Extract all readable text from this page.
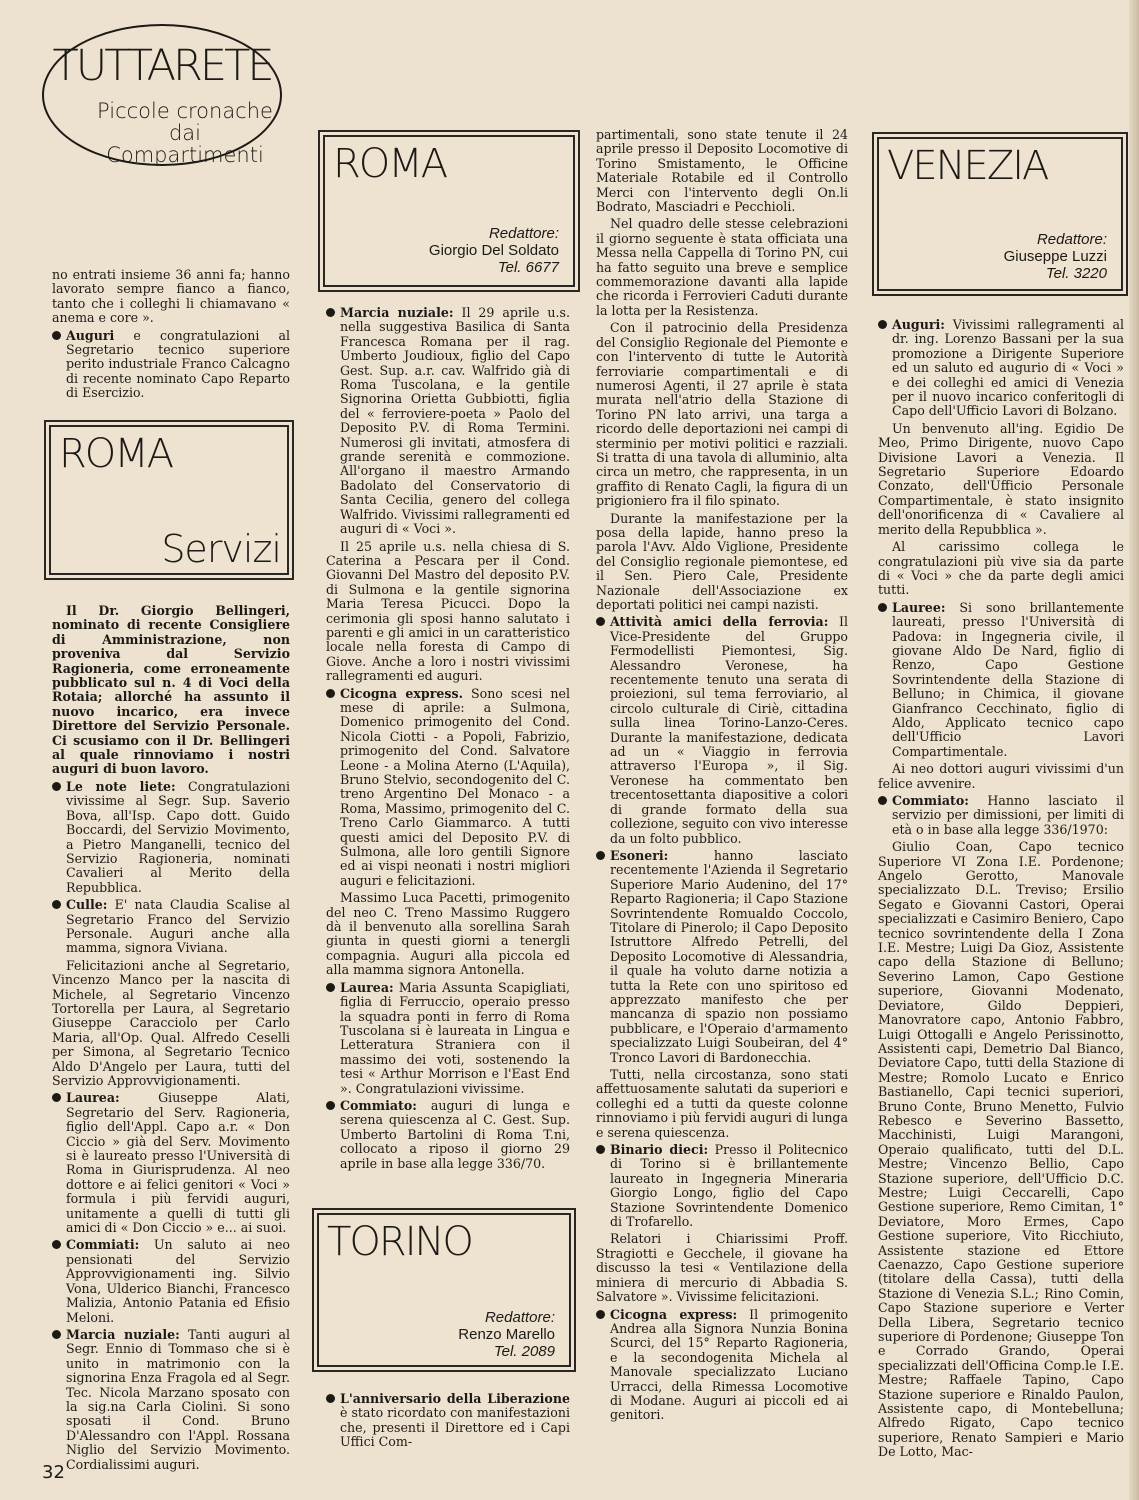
TUTTARETE
Piccole cronache
dai Compartimenti

no entrati insieme 36 anni fa; hanno lavorato sempre fianco a fianco, tanto che i colleghi li chiamavano « anema e core ».

Auguri e congratulazioni al Segretario tecnico superiore perito industriale Franco Calcagno di recente nominato Capo Reparto di Esercizio.

ROMA
Servizi

Il Dr. Giorgio Bellingeri, nominato di recente Consigliere di Amministrazione, non proveniva dal Servizio Ragioneria, come erroneamente pubblicato sul n. 4 di Voci della Rotaia; allorché ha assunto il nuovo incarico, era invece Direttore del Servizio Personale. Ci scusiamo con il Dr. Bellingeri al quale rinnoviamo i nostri auguri di buon lavoro.

Le note liete: Congratulazioni vivissime al Segr. Sup. Saverio Bova, all'Isp. Capo dott. Guido Boccardi, del Servizio Movimento, a Pietro Manganelli, tecnico del Servizio Ragioneria, nominati Cavalieri al Merito della Repubblica.

Culle: E' nata Claudia Scalise al Segretario Franco del Servizio Personale. Auguri anche alla mamma, signora Viviana.

Felicitazioni anche al Segretario, Vincenzo Manco per la nascita di Michele, al Segretario Vincenzo Tortorella per Laura, al Segretario Giuseppe Caracciolo per Carlo Maria, all'Op. Qual. Alfredo Ceselli per Simona, al Segretario Tecnico Aldo D'Angelo per Laura, tutti del Servizio Approvvigionamenti.

Laurea: Giuseppe Alati, Segretario del Serv. Ragioneria, figlio dell'Appl. Capo a.r. « Don Ciccio » già del Serv. Movimento si è laureato presso l'Università di Roma in Giurisprudenza. Al neo dottore e ai felici genitori « Voci » formula i più fervidi auguri, unitamente a quelli di tutti gli amici di « Don Ciccio » e... ai suoi.

Commiati: Un saluto ai neo pensionati del Servizio Approvvigionamenti ing. Silvio Vona, Ulderico Bianchi, Francesco Malizia, Antonio Patania ed Efisio Meloni.

Marcia nuziale: Tanti auguri al Segr. Ennio di Tommaso che si è unito in matrimonio con la signorina Enza Fragola ed al Segr. Tec. Nicola Marzano sposato con la sig.na Carla Ciolini. Si sono sposati il Cond. Bruno D'Alessandro con l'Appl. Rossana Niglio del Servizio Movimento. Cordialissimi auguri.

ROMA
Redattore:
Giorgio Del Soldato
Tel. 6677

Marcia nuziale: Il 29 aprile u.s. nella suggestiva Basilica di Santa Francesca Romana per il rag. Umberto Joudioux, figlio del Capo Gest. Sup. a.r. cav. Walfrido già di Roma Tuscolana, e la gentile Signorina Orietta Gubbiotti, figlia del « ferroviere-poeta » Paolo del Deposito P.V. di Roma Termini. Numerosi gli invitati, atmosfera di grande serenità e commozione. All'organo il maestro Armando Badolato del Conservatorio di Santa Cecilia, genero del collega Walfrido. Vivissimi rallegramenti ed auguri di « Voci ».

Il 25 aprile u.s. nella chiesa di S. Caterina a Pescara per il Cond. Giovanni Del Mastro del deposito P.V. di Sulmona e la gentile signorina Maria Teresa Picucci. Dopo la cerimonia gli sposi hanno salutato i parenti e gli amici in un caratteristico locale nella foresta di Campo di Giove. Anche a loro i nostri vivissimi rallegramenti ed auguri.

Cicogna express. Sono scesi nel mese di aprile: a Sulmona, Domenico primogenito del Cond. Nicola Ciotti - a Popoli, Fabrizio, primogenito del Cond. Salvatore Leone - a Molina Aterno (L'Aquila), Bruno Stelvio, secondogenito del C. treno Argentino Del Monaco - a Roma, Massimo, primogenito del C. Treno Carlo Giammarco. A tutti questi amici del Deposito P.V. di Sulmona, alle loro gentili Signore ed ai vispi neonati i nostri migliori auguri e felicitazioni.

Massimo Luca Pacetti, primogenito del neo C. Treno Massimo Ruggero dà il benvenuto alla sorellina Sarah giunta in questi giorni a tenergli compagnia. Auguri alla piccola ed alla mamma signora Antonella.

Laurea: Maria Assunta Scapigliati, figlia di Ferruccio, operaio presso la squadra ponti in ferro di Roma Tuscolana si è laureata in Lingua e Letteratura Straniera con il massimo dei voti, sostenendo la tesi « Arthur Morrison e l'East End ». Congratulazioni vivissime.

Commiato: auguri di lunga e serena quiescenza al C. Gest. Sup. Umberto Bartolini di Roma T.ni, collocato a riposo il giorno 29 aprile in base alla legge 336/70.

TORINO
Redattore:
Renzo Marello
Tel. 2089

L'anniversario della Liberazione è stato ricordato con manifestazioni che, presenti il Direttore ed i Capi Uffici Com-

partimentali, sono state tenute il 24 aprile presso il Deposito Locomotive di Torino Smistamento, le Officine Materiale Rotabile ed il Controllo Merci con l'intervento degli On.li Bodrato, Masciadri e Pecchioli.

Nel quadro delle stesse celebrazioni il giorno seguente è stata officiata una Messa nella Cappella di Torino PN, cui ha fatto seguito una breve e semplice commemorazione davanti alla lapide che ricorda i Ferrovieri Caduti durante la lotta per la Resistenza.

Con il patrocinio della Presidenza del Consiglio Regionale del Piemonte e con l'intervento di tutte le Autorità ferroviarie compartimentali e di numerosi Agenti, il 27 aprile è stata murata nell'atrio della Stazione di Torino PN lato arrivi, una targa a ricordo delle deportazioni nei campi di sterminio per motivi politici e razziali. Si tratta di una tavola di alluminio, alta circa un metro, che rappresenta, in un graffito di Renato Cagli, la figura di un prigioniero fra il filo spinato.

Durante la manifestazione per la posa della lapide, hanno preso la parola l'Avv. Aldo Viglione, Presidente del Consiglio regionale piemontese, ed il Sen. Piero Cale, Presidente Nazionale dell'Associazione ex deportati politici nei campi nazisti.

Attività amici della ferrovia: Il Vice-Presidente del Gruppo Fermodellisti Piemontesi, Sig. Alessandro Veronese, ha recentemente tenuto una serata di proiezioni, sul tema ferroviario, al circolo culturale di Ciriè, cittadina sulla linea Torino-Lanzo-Ceres. Durante la manifestazione, dedicata ad un « Viaggio in ferrovia attraverso l'Europa », il Sig. Veronese ha commentato ben trecentosettanta diapositive a colori di grande formato della sua collezione, seguito con vivo interesse da un folto pubblico.

Esoneri: hanno lasciato recentemente l'Azienda il Segretario Superiore Mario Audenino, del 17° Reparto Ragioneria; il Capo Stazione Sovrintendente Romualdo Coccolo, Titolare di Pinerolo; il Capo Deposito Istruttore Alfredo Petrelli, del Deposito Locomotive di Alessandria, il quale ha voluto darne notizia a tutta la Rete con uno spiritoso ed apprezzato manifesto che per mancanza di spazio non possiamo pubblicare, e l'Operaio d'armamento specializzato Luigi Soubeiran, del 4° Tronco Lavori di Bardonecchia.

Tutti, nella circostanza, sono stati affettuosamente salutati da superiori e colleghi ed a tutti da queste colonne rinnoviamo i più fervidi auguri di lunga e serena quiescenza.

Binario dieci: Presso il Politecnico di Torino si è brillantemente laureato in Ingegneria Mineraria Giorgio Longo, figlio del Capo Stazione Sovrintendente Domenico di Trofarello.

Relatori i Chiarissimi Proff. Stragiotti e Gecchele, il giovane ha discusso la tesi « Ventilazione della miniera di mercurio di Abbadia S. Salvatore ». Vivissime felicitazioni.

Cicogna express: Il primogenito Andrea alla Signora Nunzia Bonina Scurci, del 15° Reparto Ragioneria, e la secondogenita Michela al Manovale specializzato Luciano Urracci, della Rimessa Locomotive di Modane. Auguri ai piccoli ed ai genitori.

VENEZIA
Redattore:
Giuseppe Luzzi
Tel. 3220

Auguri: Vivissimi rallegramenti al dr. ing. Lorenzo Bassani per la sua promozione a Dirigente Superiore ed un saluto ed augurio di « Voci » e dei colleghi ed amici di Venezia per il nuovo incarico conferitogli di Capo dell'Ufficio Lavori di Bolzano.

Un benvenuto all'ing. Egidio De Meo, Primo Dirigente, nuovo Capo Divisione Lavori a Venezia. Il Segretario Superiore Edoardo Conzato, dell'Ufficio Personale Compartimentale, è stato insignito dell'onorificenza di « Cavaliere al merito della Repubblica ».

Al carissimo collega le congratulazioni più vive sia da parte di « Voci » che da parte degli amici tutti.

Lauree: Si sono brillantemente laureati, presso l'Università di Padova: in Ingegneria civile, il giovane Aldo De Nard, figlio di Renzo, Capo Gestione Sovrintendente della Stazione di Belluno; in Chimica, il giovane Gianfranco Cecchinato, figlio di Aldo, Applicato tecnico capo dell'Ufficio Lavori Compartimentale.

Ai neo dottori auguri vivissimi d'un felice avvenire.

Commiato: Hanno lasciato il servizio per dimissioni, per limiti di età o in base alla legge 336/1970:

Giulio Coan, Capo tecnico Superiore VI Zona I.E. Pordenone; Angelo Gerotto, Manovale specializzato D.L. Treviso; Ersilio Segato e Giovanni Castori, Operai specializzati e Casimiro Beniero, Capo tecnico sovrintendente della I Zona I.E. Mestre; Luigi Da Gioz, Assistente capo della Stazione di Belluno; Severino Lamon, Capo Gestione superiore, Giovanni Modenato, Deviatore, Gildo Deppieri, Manovratore capo, Antonio Fabbro, Luigi Ottogalli e Angelo Perissinotto, Assistenti capi, Demetrio Dal Bianco, Deviatore Capo, tutti della Stazione di Mestre; Romolo Lucato e Enrico Bastianello, Capi tecnici superiori, Bruno Conte, Bruno Menetto, Fulvio Rebesco e Severino Bassetto, Macchinisti, Luigi Marangoni, Operaio qualificato, tutti del D.L. Mestre; Vincenzo Bellio, Capo Stazione superiore, dell'Ufficio D.C. Mestre; Luigi Ceccarelli, Capo Gestione superiore, Remo Cimitan, 1° Deviatore, Moro Ermes, Capo Gestione superiore, Vito Ricchiuto, Assistente stazione ed Ettore Caenazzo, Capo Gestione superiore (titolare della Cassa), tutti della Stazione di Venezia S.L.; Rino Comin, Capo Stazione superiore e Verter Della Libera, Segretario tecnico superiore di Pordenone; Giuseppe Ton e Corrado Grando, Operai specializzati dell'Officina Comp.le I.E. Mestre; Raffaele Tapino, Capo Stazione superiore e Rinaldo Paulon, Assistente capo, di Montebelluna; Alfredo Rigato, Capo tecnico superiore, Renato Sampieri e Mario De Lotto, Mac-

32
